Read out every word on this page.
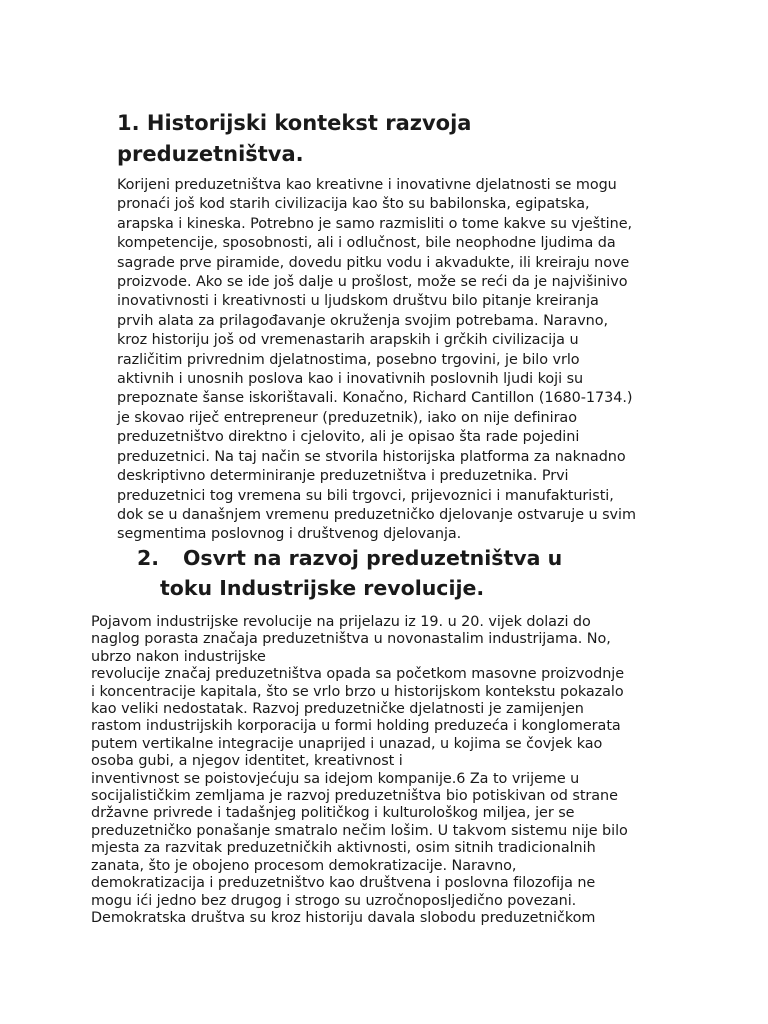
1. Historijski kontekst razvoja
preduzetništva.

Korijeni preduzetništva kao kreativne i inovativne djelatnosti se mogu
pronaći još kod starih civilizacija kao što su babilonska, egipatska,
arapska i kineska. Potrebno je samo razmisliti o tome kakve su vještine,
kompetencije, sposobnosti, ali i odlučnost, bile neophodne ljudima da
sagrade prve piramide, dovedu pitku vodu i akvadukte, ili kreiraju nove
proizvode. Ako se ide još dalje u prošlost, može se reći da je najvišinivo
inovativnosti i kreativnosti u ljudskom društvu bilo pitanje kreiranja
prvih alata za prilagođavanje okruženja svojim potrebama. Naravno,
kroz historiju još od vremenastarih arapskih i grčkih civilizacija u
različitim privrednim djelatnostima, posebno trgovini, je bilo vrlo
aktivnih i unosnih poslova kao i inovativnih poslovnih ljudi koji su
prepoznate šanse iskorištavali. Konačno, Richard Cantillon (1680-1734.)
je skovao riječ entrepreneur (preduzetnik), iako on nije definirao
preduzetništvo direktno i cjelovito, ali je opisao šta rade pojedini
preduzetnici. Na taj način se stvorila historijska platforma za naknadno
deskriptivno determiniranje preduzetništva i preduzetnika. Prvi
preduzetnici tog vremena su bili trgovci, prijevoznici i manufakturisti,
dok se u današnjem vremenu preduzetničko djelovanje ostvaruje u svim
segmentima poslovnog i društvenog djelovanja.

2. Osvrt na razvoj preduzetništva u
toku Industrijske revolucije.

Pojavom industrijske revolucije na prijelazu iz 19. u 20. vijek dolazi do
naglog porasta značaja preduzetništva u novonastalim industrijama. No,
ubrzo nakon industrijske
revolucije značaj preduzetništva opada sa početkom masovne proizvodnje
i koncentracije kapitala, što se vrlo brzo u historijskom kontekstu pokazalo
kao veliki nedostatak. Razvoj preduzetničke djelatnosti je zamijenjen
rastom industrijskih korporacija u formi holding preduzeća i konglomerata
putem vertikalne integracije unaprijed i unazad, u kojima se čovjek kao
osoba gubi, a njegov identitet, kreativnost i
inventivnost se poistovjećuju sa idejom kompanije.6 Za to vrijeme u
socijalističkim zemljama je razvoj preduzetništva bio potiskivan od strane
državne privrede i tadašnjeg političkog i kulturološkog miljea, jer se
preduzetničko ponašanje smatralo nečim lošim. U takvom sistemu nije bilo
mjesta za razvitak preduzetničkih aktivnosti, osim sitnih tradicionalnih
zanata, što je obojeno procesom demokratizacije. Naravno,
demokratizacija i preduzetništvo kao društvena i poslovna filozofija ne
mogu ići jedno bez drugog i strogo su uzročnoposljedično povezani.
Demokratska društva su kroz historiju davala slobodu preduzetničkom
